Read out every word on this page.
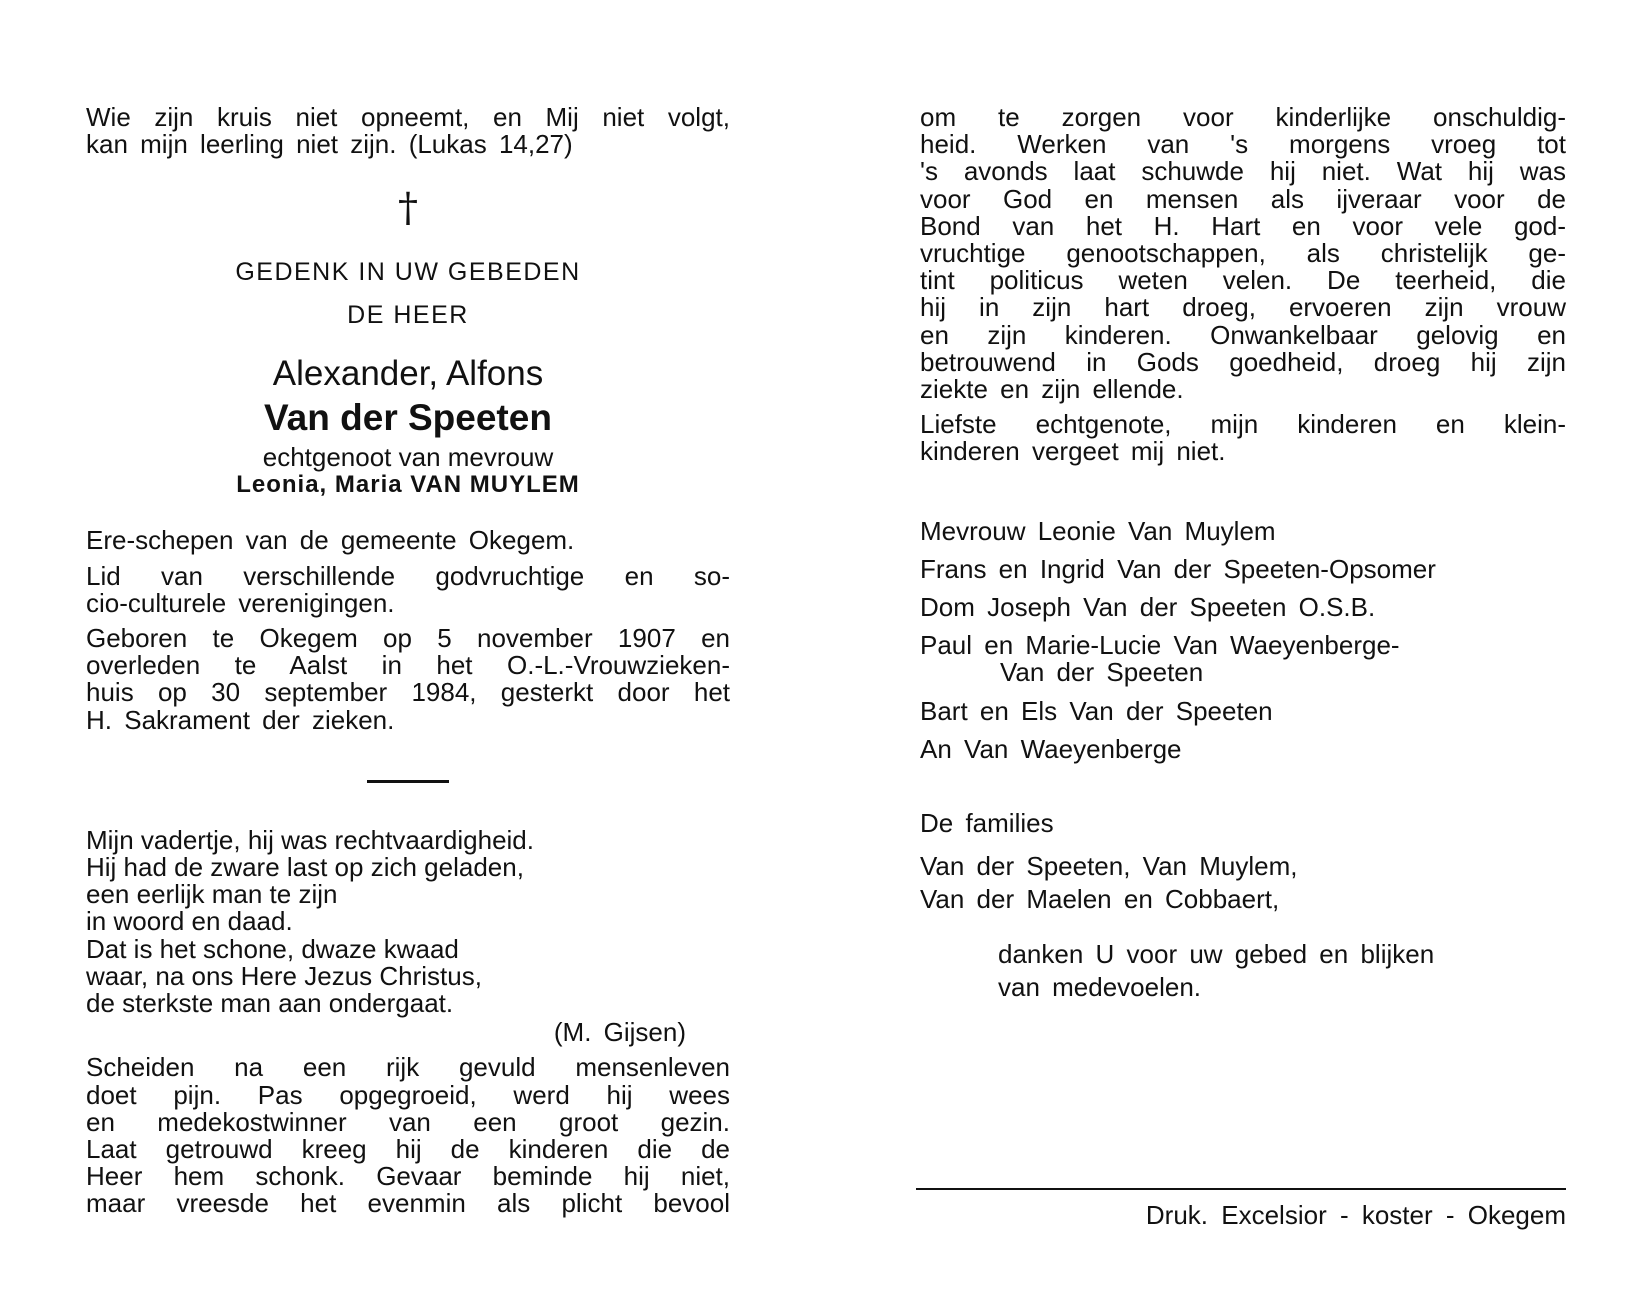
Wie zijn kruis niet opneemt, en Mij niet volgt,
kan mijn leerling niet zijn. (Lukas 14,27)
†
GEDENK IN UW GEBEDEN
DE HEER
Alexander, Alfons
Van der Speeten
echtgenoot van mevrouw
Leonia, Maria VAN MUYLEM
Ere-schepen van de gemeente Okegem.
Lid van verschillende godvruchtige en so-
cio-culturele verenigingen.
Geboren te Okegem op 5 november 1907 en
overleden te Aalst in het O.-L.-Vrouwzieken-
huis op 30 september 1984, gesterkt door het
H. Sakrament der zieken.
Mijn vadertje, hij was rechtvaardigheid.
Hij had de zware last op zich geladen,
een eerlijk man te zijn
in woord en daad.
Dat is het schone, dwaze kwaad
waar, na ons Here Jezus Christus,
de sterkste man aan ondergaat.
(M. Gijsen)
Scheiden na een rijk gevuld mensenleven
doet pijn. Pas opgegroeid, werd hij wees
en medekostwinner van een groot gezin.
Laat getrouwd kreeg hij de kinderen die de
Heer hem schonk. Gevaar beminde hij niet,
maar vreesde het evenmin als plicht bevool
om te zorgen voor kinderlijke onschuldig-
heid. Werken van 's morgens vroeg tot
's avonds laat schuwde hij niet. Wat hij was
voor God en mensen als ijveraar voor de
Bond van het H. Hart en voor vele god-
vruchtige genootschappen, als christelijk ge-
tint politicus weten velen. De teerheid, die
hij in zijn hart droeg, ervoeren zijn vrouw
en zijn kinderen. Onwankelbaar gelovig en
betrouwend in Gods goedheid, droeg hij zijn
ziekte en zijn ellende.
Liefste echtgenote, mijn kinderen en klein-
kinderen vergeet mij niet.
Mevrouw Leonie Van Muylem
Frans en Ingrid Van der Speeten-Opsomer
Dom Joseph Van der Speeten O.S.B.
Paul en Marie-Lucie Van Waeyenberge-
Van der Speeten
Bart en Els Van der Speeten
An Van Waeyenberge
De families
Van der Speeten, Van Muylem,
Van der Maelen en Cobbaert,
danken U voor uw gebed en blijken
van medevoelen.
Druk. Excelsior - koster - Okegem
